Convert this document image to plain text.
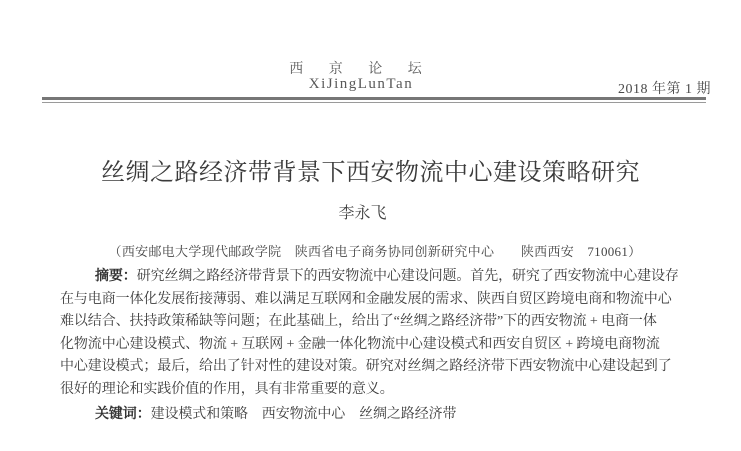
西 京 论 坛
XiJingLunTan	2018 年第 1 期
丝绸之路经济带背景下西安物流中心建设策略研究
李永飞
（西安邮电大学现代邮政学院　陕西省电子商务协同创新研究中心　　陕西西安　710061）
摘要：研究丝绸之路经济带背景下的西安物流中心建设问题。首先，研究了西安物流中心建设存
在与电商一体化发展衔接薄弱、难以满足互联网和金融发展的需求、陕西自贸区跨境电商和物流中心
难以结合、扶持政策稀缺等问题；在此基础上，给出了“丝绸之路经济带”下的西安物流 + 电商一体
化物流中心建设模式、物流 + 互联网 + 金融一体化物流中心建设模式和西安自贸区 + 跨境电商物流
中心建设模式；最后，给出了针对性的建设对策。研究对丝绸之路经济带下西安物流中心建设起到了
很好的理论和实践价值的作用，具有非常重要的意义。
关键词：建设模式和策略　西安物流中心　丝绸之路经济带
